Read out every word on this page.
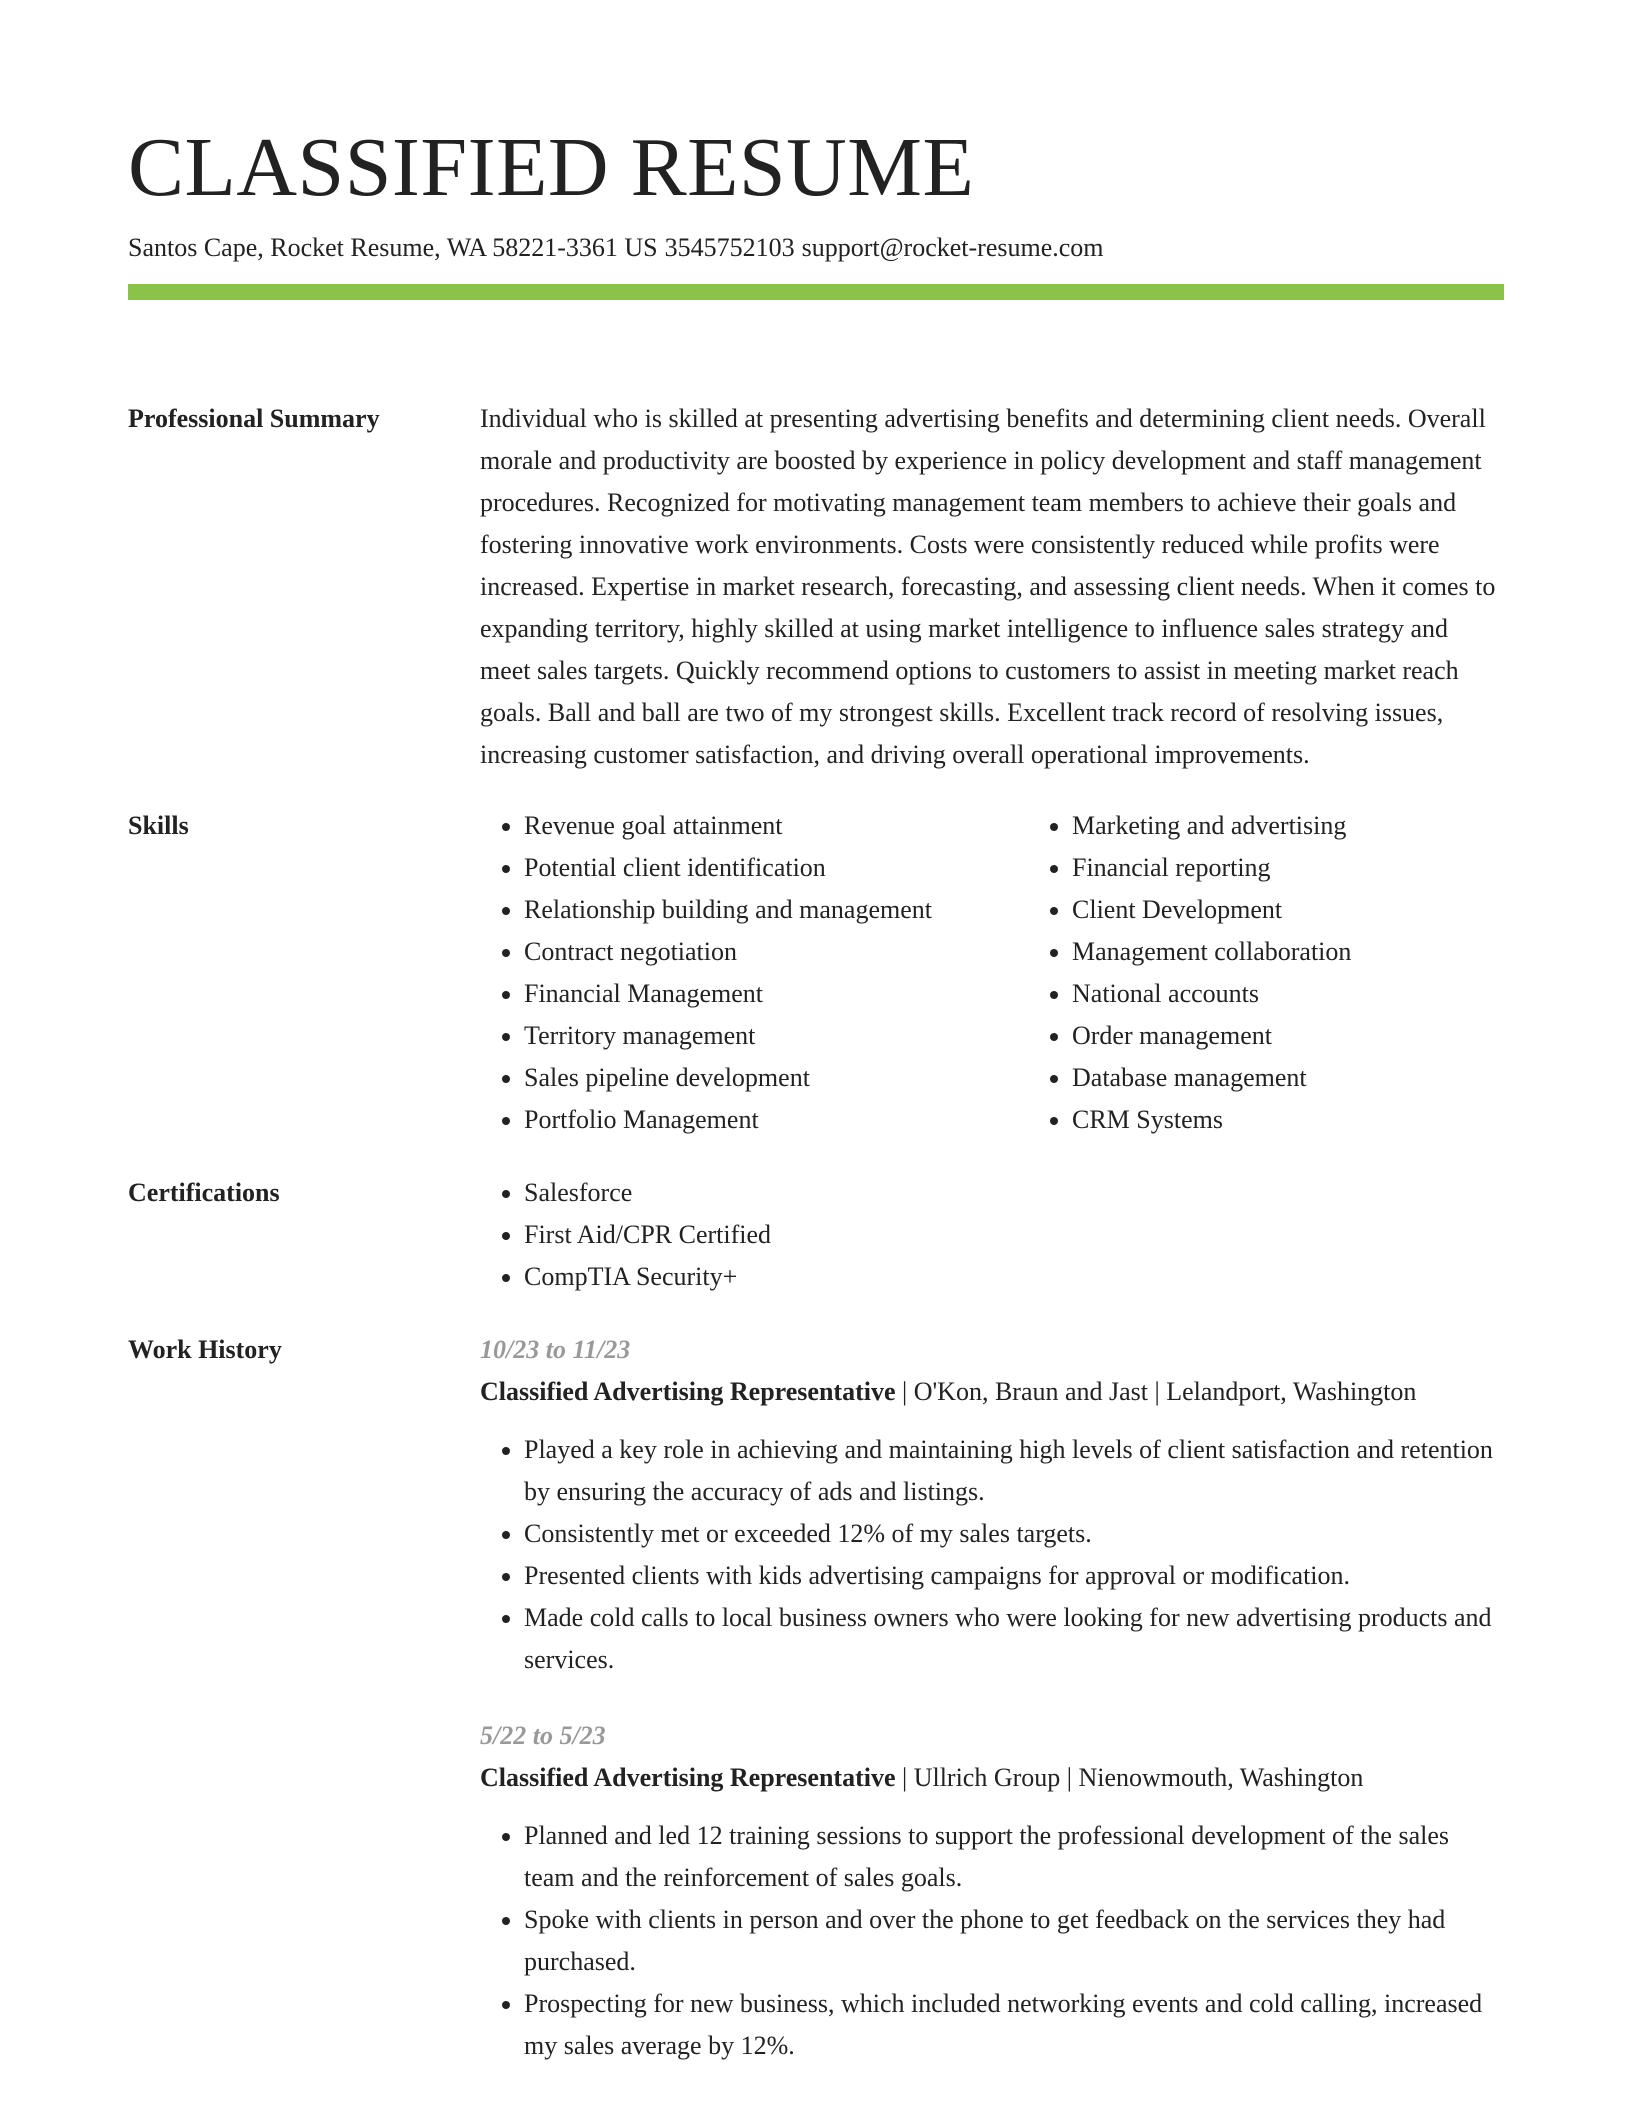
CLASSIFIED RESUME
Santos Cape, Rocket Resume, WA 58221-3361 US 3545752103 support@rocket-resume.com
Professional Summary	Individual who is skilled at presenting advertising benefits and determining client needs. Overall morale and productivity are boosted by experience in policy development and staff management procedures. Recognized for motivating management team members to achieve their goals and fostering innovative work environments. Costs were consistently reduced while profits were increased. Expertise in market research, forecasting, and assessing client needs. When it comes to expanding territory, highly skilled at using market intelligence to influence sales strategy and meet sales targets. Quickly recommend options to customers to assist in meeting market reach goals. Ball and ball are two of my strongest skills. Excellent track record of resolving issues, increasing customer satisfaction, and driving overall operational improvements.

Skills	• Revenue goal attainment
• Potential client identification
• Relationship building and management
• Contract negotiation
• Financial Management
• Territory management
• Sales pipeline development
• Portfolio Management
• Marketing and advertising
• Financial reporting
• Client Development
• Management collaboration
• National accounts
• Order management
• Database management
• CRM Systems
Certifications	• Salesforce
• First Aid/CPR Certified
• CompTIA Security+
Work History	10/23 to 11/23
Classified Advertising Representative | O'Kon, Braun and Jast | Lelandport, Washington
• Played a key role in achieving and maintaining high levels of client satisfaction and retention by ensuring the accuracy of ads and listings.
• Consistently met or exceeded 12% of my sales targets.
• Presented clients with kids advertising campaigns for approval or modification.
• Made cold calls to local business owners who were looking for new advertising products and services.
5/22 to 5/23
Classified Advertising Representative | Ullrich Group | Nienowmouth, Washington
• Planned and led 12 training sessions to support the professional development of the sales team and the reinforcement of sales goals.
• Spoke with clients in person and over the phone to get feedback on the services they had purchased.
• Prospecting for new business, which included networking events and cold calling, increased my sales average by 12%.
